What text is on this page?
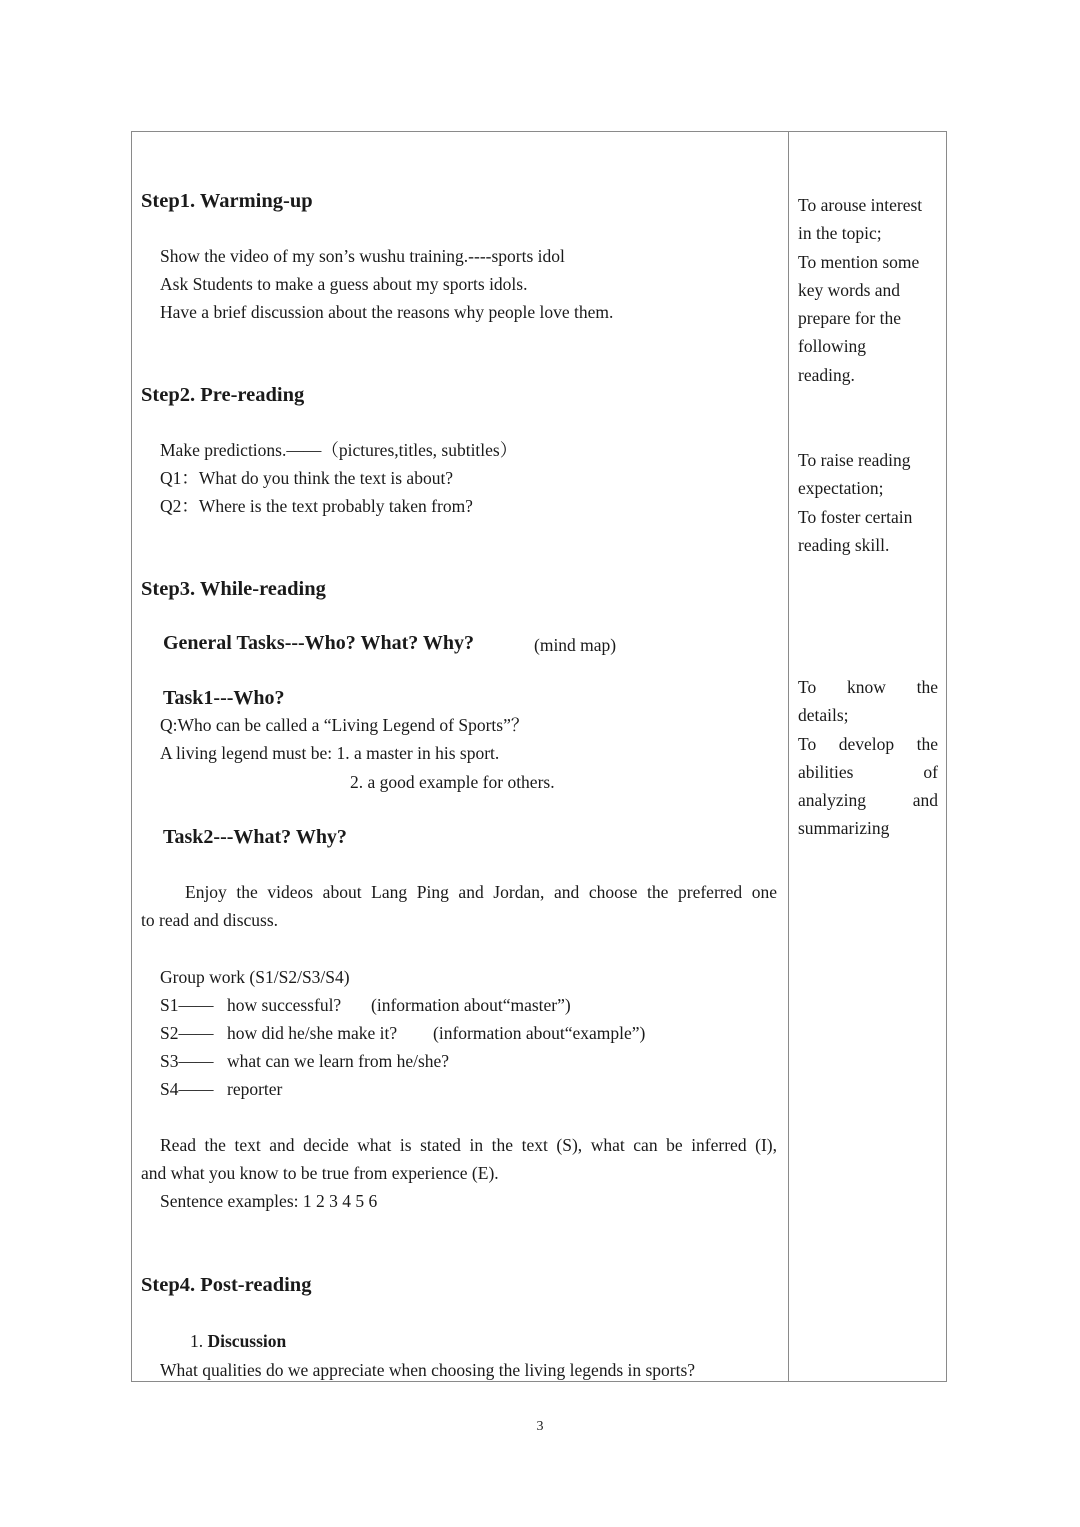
Step1. Warming-up
Show the video of my son’s wushu training.----sports idol
Ask Students to make a guess about my sports idols.
Have a brief discussion about the reasons why people love them.
Step2. Pre-reading
Make predictions.——（pictures,titles, subtitles）
Q1：What do you think the text is about?
Q2：Where is the text probably taken from?
Step3. While-reading
General Tasks---Who? What? Why?	(mind map)
Task1---Who?
Q:Who can be called a “Living Legend of Sports”？
A living legend must be: 1. a master in his sport.
2. a good example for others.
Task2---What? Why?
Enjoy the videos about Lang Ping and Jordan, and choose the preferred one
to read and discuss.
Group work (S1/S2/S3/S4)
S1—— how successful? (information about“master”)
S2—— how did he/she make it? (information about“example”)
S3—— what can we learn from he/she?
S4—— reporter
Read the text and decide what is stated in the text (S), what can be inferred (I),
and what you know to be true from experience (E).
Sentence examples: 1 2 3 4 5 6
Step4. Post-reading
1. Discussion
What qualities do we appreciate when choosing the living legends in sports?
To arouse interest
in the topic;
To mention some
key words and
prepare for the
following
reading.
To raise reading
expectation;
To foster certain
reading skill.
To know the
details;
To develop the
abilities of
analyzing and
summarizing
3
